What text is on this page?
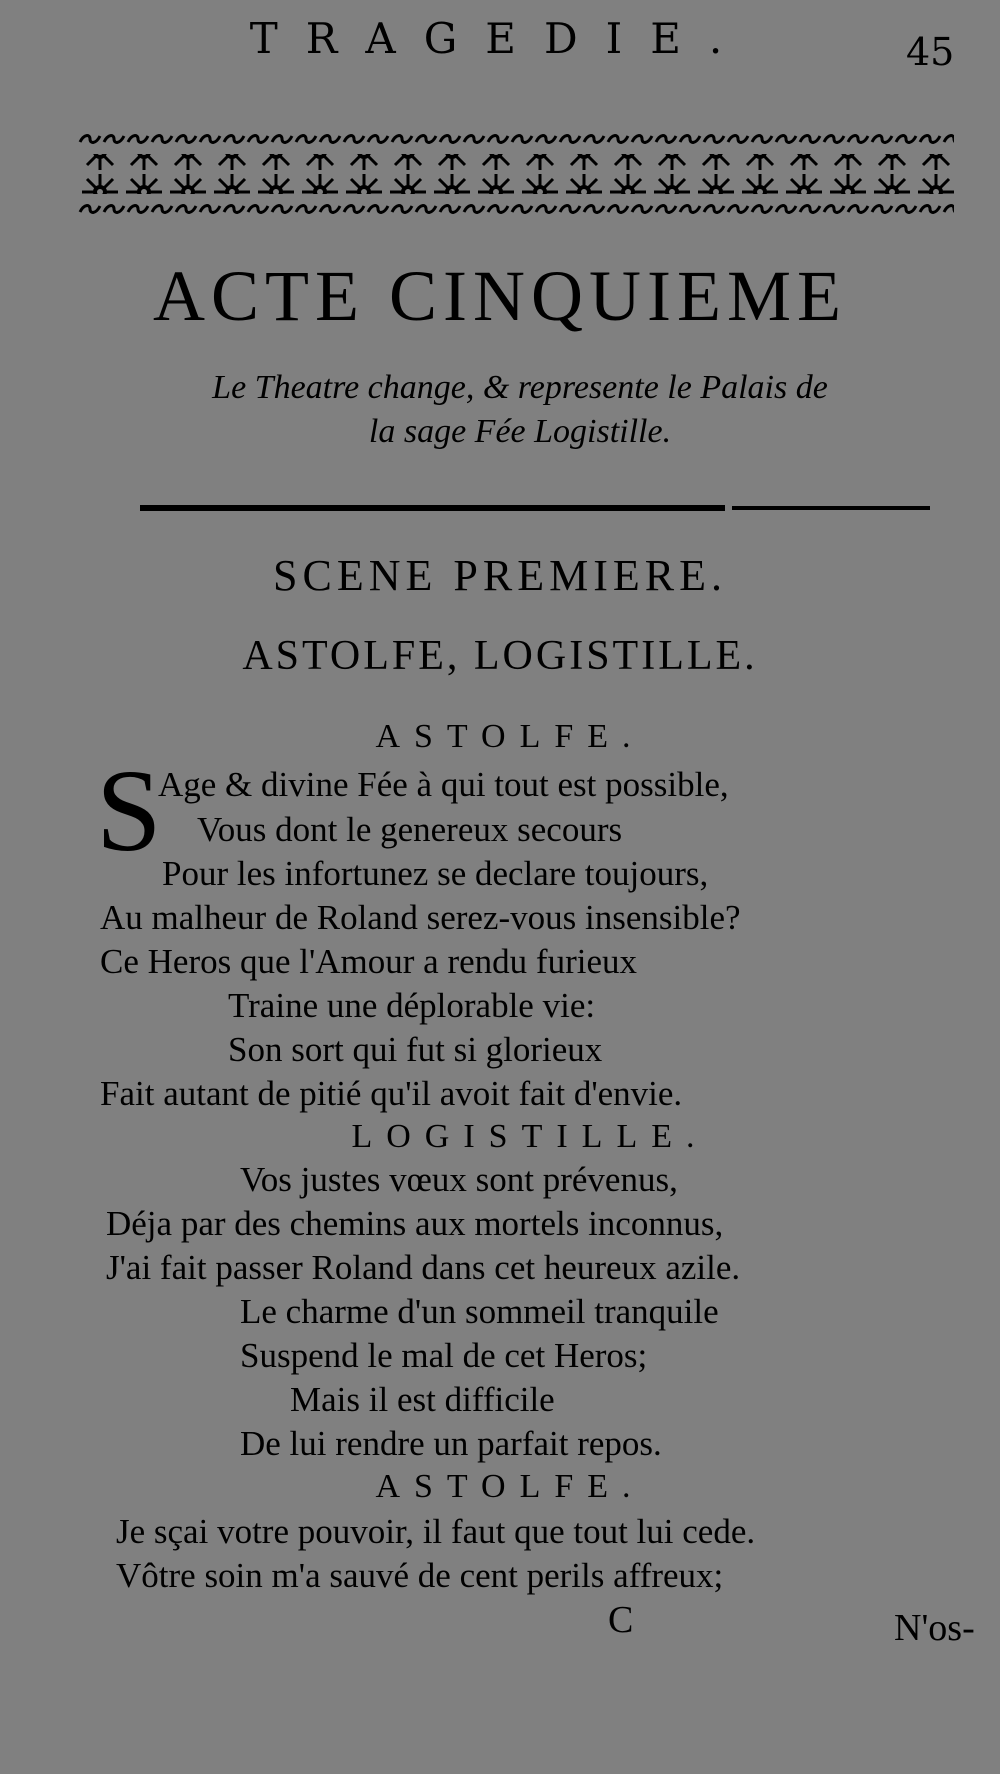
TRAGEDIE.	45
ACTE CINQUIEME
Le Theatre change, & represente le Palais de
la sage Fée Logistille.
SCENE PREMIERE.
ASTOLFE, LOGISTILLE.
ASTOLFE.
S
Age & divine Fée à qui tout est possible,
Vous dont le genereux secours
Pour les infortunez se declare toujours,
Au malheur de Roland serez-vous insensible?
Ce Heros que l'Amour a rendu furieux
Traine une déplorable vie:
Son sort qui fut si glorieux
Fait autant de pitié qu'il avoit fait d'envie.
LOGISTILLE.
Vos justes vœux sont prévenus,
Déja par des chemins aux mortels inconnus,
J'ai fait passer Roland dans cet heureux azile.
Le charme d'un sommeil tranquile
Suspend le mal de cet Heros;
Mais il est difficile
De lui rendre un parfait repos.
ASTOLFE.
Je sçai votre pouvoir, il faut que tout lui cede.
Vôtre soin m'a sauvé de cent perils affreux;
C	N'os-
